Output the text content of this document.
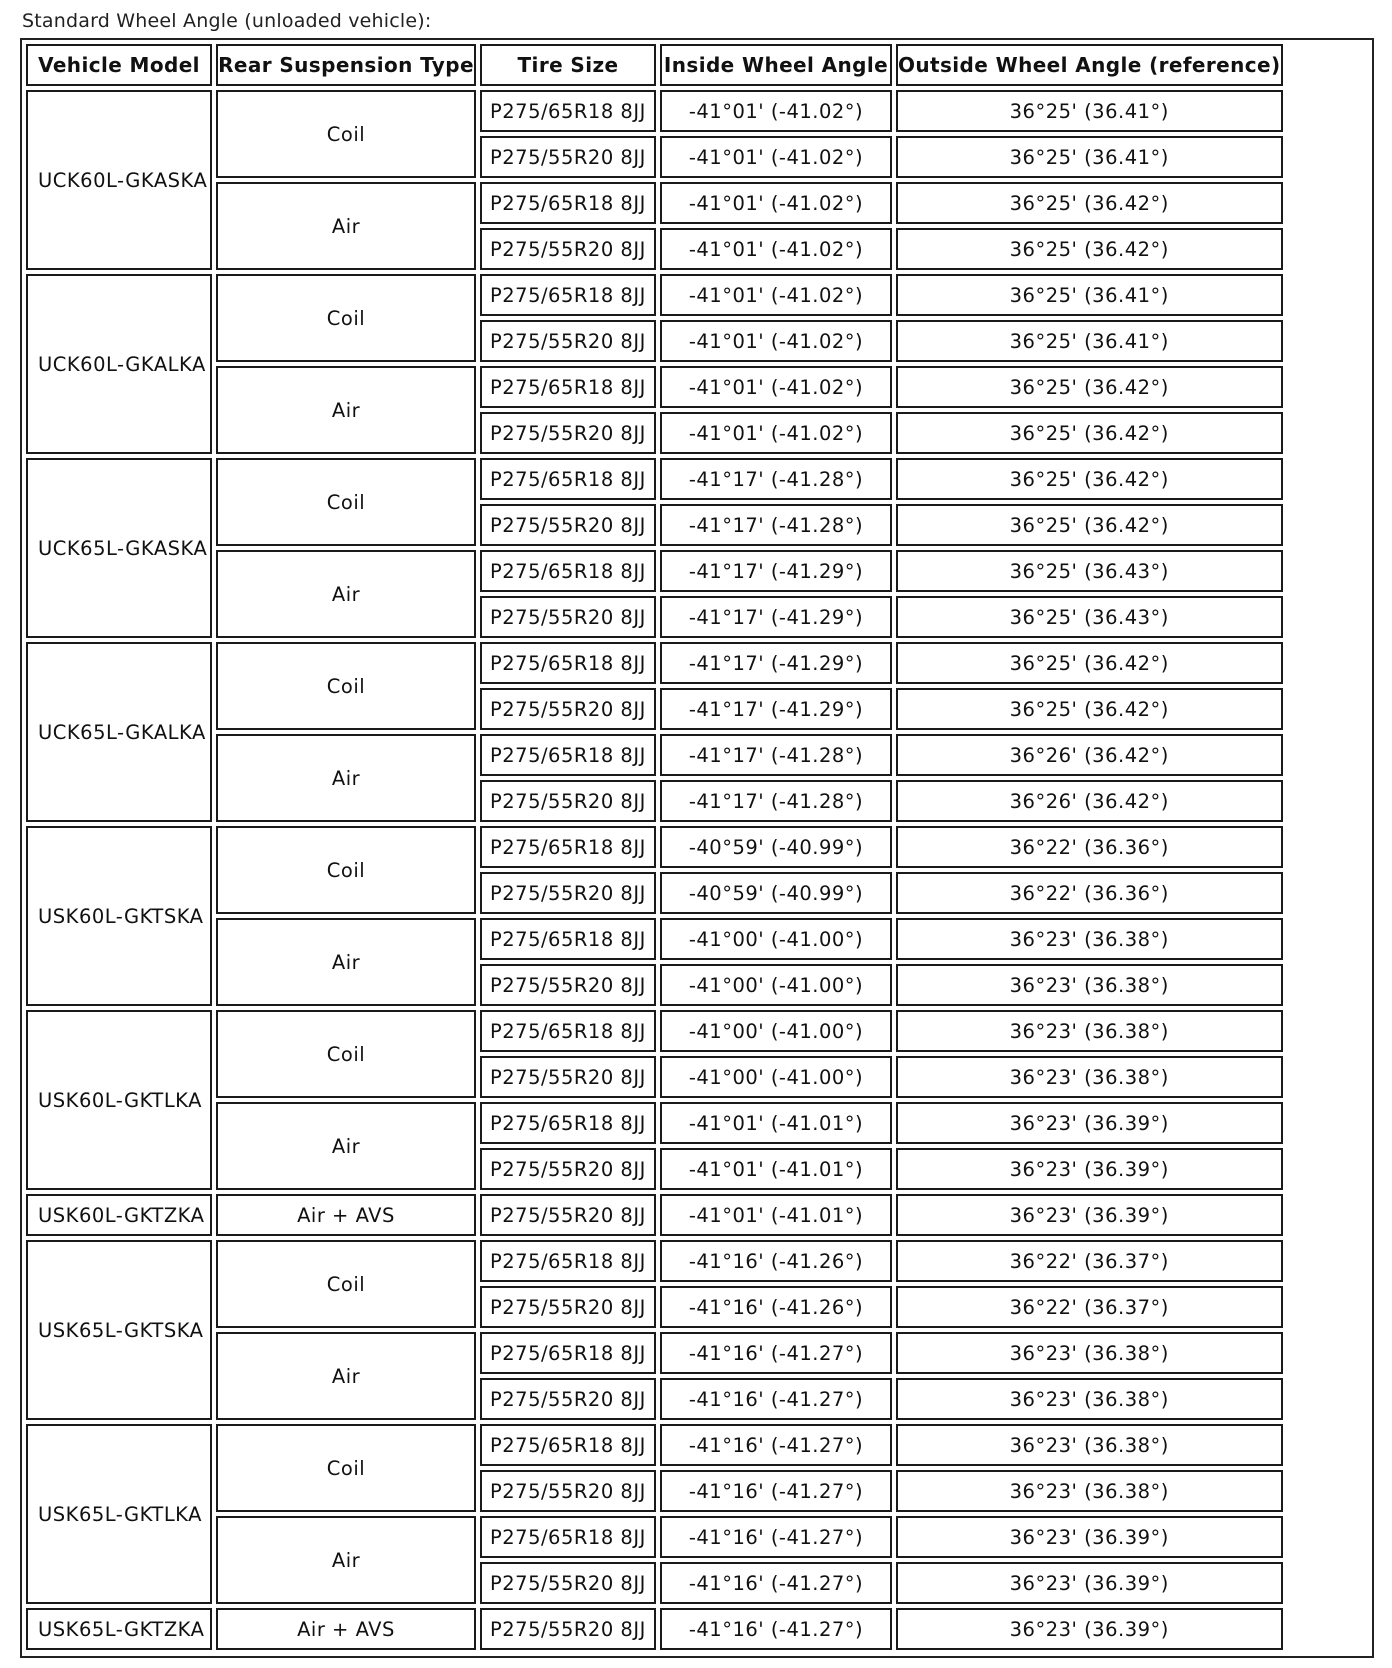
Standard Wheel Angle (unloaded vehicle):
Vehicle Model	Rear Suspension Type	Tire Size	Inside Wheel Angle	Outside Wheel Angle (reference)
UCK60L-GKASKA	Coil	P275/65R18 8JJ	-41°01' (-41.02°)	36°25' (36.41°)
		P275/55R20 8JJ	-41°01' (-41.02°)	36°25' (36.41°)
	Air	P275/65R18 8JJ	-41°01' (-41.02°)	36°25' (36.42°)
		P275/55R20 8JJ	-41°01' (-41.02°)	36°25' (36.42°)
UCK60L-GKALKA	Coil	P275/65R18 8JJ	-41°01' (-41.02°)	36°25' (36.41°)
		P275/55R20 8JJ	-41°01' (-41.02°)	36°25' (36.41°)
	Air	P275/65R18 8JJ	-41°01' (-41.02°)	36°25' (36.42°)
		P275/55R20 8JJ	-41°01' (-41.02°)	36°25' (36.42°)
UCK65L-GKASKA	Coil	P275/65R18 8JJ	-41°17' (-41.28°)	36°25' (36.42°)
		P275/55R20 8JJ	-41°17' (-41.28°)	36°25' (36.42°)
	Air	P275/65R18 8JJ	-41°17' (-41.29°)	36°25' (36.43°)
		P275/55R20 8JJ	-41°17' (-41.29°)	36°25' (36.43°)
UCK65L-GKALKA	Coil	P275/65R18 8JJ	-41°17' (-41.29°)	36°25' (36.42°)
		P275/55R20 8JJ	-41°17' (-41.29°)	36°25' (36.42°)
	Air	P275/65R18 8JJ	-41°17' (-41.28°)	36°26' (36.42°)
		P275/55R20 8JJ	-41°17' (-41.28°)	36°26' (36.42°)
USK60L-GKTSKA	Coil	P275/65R18 8JJ	-40°59' (-40.99°)	36°22' (36.36°)
		P275/55R20 8JJ	-40°59' (-40.99°)	36°22' (36.36°)
	Air	P275/65R18 8JJ	-41°00' (-41.00°)	36°23' (36.38°)
		P275/55R20 8JJ	-41°00' (-41.00°)	36°23' (36.38°)
USK60L-GKTLKA	Coil	P275/65R18 8JJ	-41°00' (-41.00°)	36°23' (36.38°)
		P275/55R20 8JJ	-41°00' (-41.00°)	36°23' (36.38°)
	Air	P275/65R18 8JJ	-41°01' (-41.01°)	36°23' (36.39°)
		P275/55R20 8JJ	-41°01' (-41.01°)	36°23' (36.39°)
USK60L-GKTZKA	Air + AVS	P275/55R20 8JJ	-41°01' (-41.01°)	36°23' (36.39°)
USK65L-GKTSKA	Coil	P275/65R18 8JJ	-41°16' (-41.26°)	36°22' (36.37°)
		P275/55R20 8JJ	-41°16' (-41.26°)	36°22' (36.37°)
	Air	P275/65R18 8JJ	-41°16' (-41.27°)	36°23' (36.38°)
		P275/55R20 8JJ	-41°16' (-41.27°)	36°23' (36.38°)
USK65L-GKTLKA	Coil	P275/65R18 8JJ	-41°16' (-41.27°)	36°23' (36.38°)
		P275/55R20 8JJ	-41°16' (-41.27°)	36°23' (36.38°)
	Air	P275/65R18 8JJ	-41°16' (-41.27°)	36°23' (36.39°)
		P275/55R20 8JJ	-41°16' (-41.27°)	36°23' (36.39°)
USK65L-GKTZKA	Air + AVS	P275/55R20 8JJ	-41°16' (-41.27°)	36°23' (36.39°)
